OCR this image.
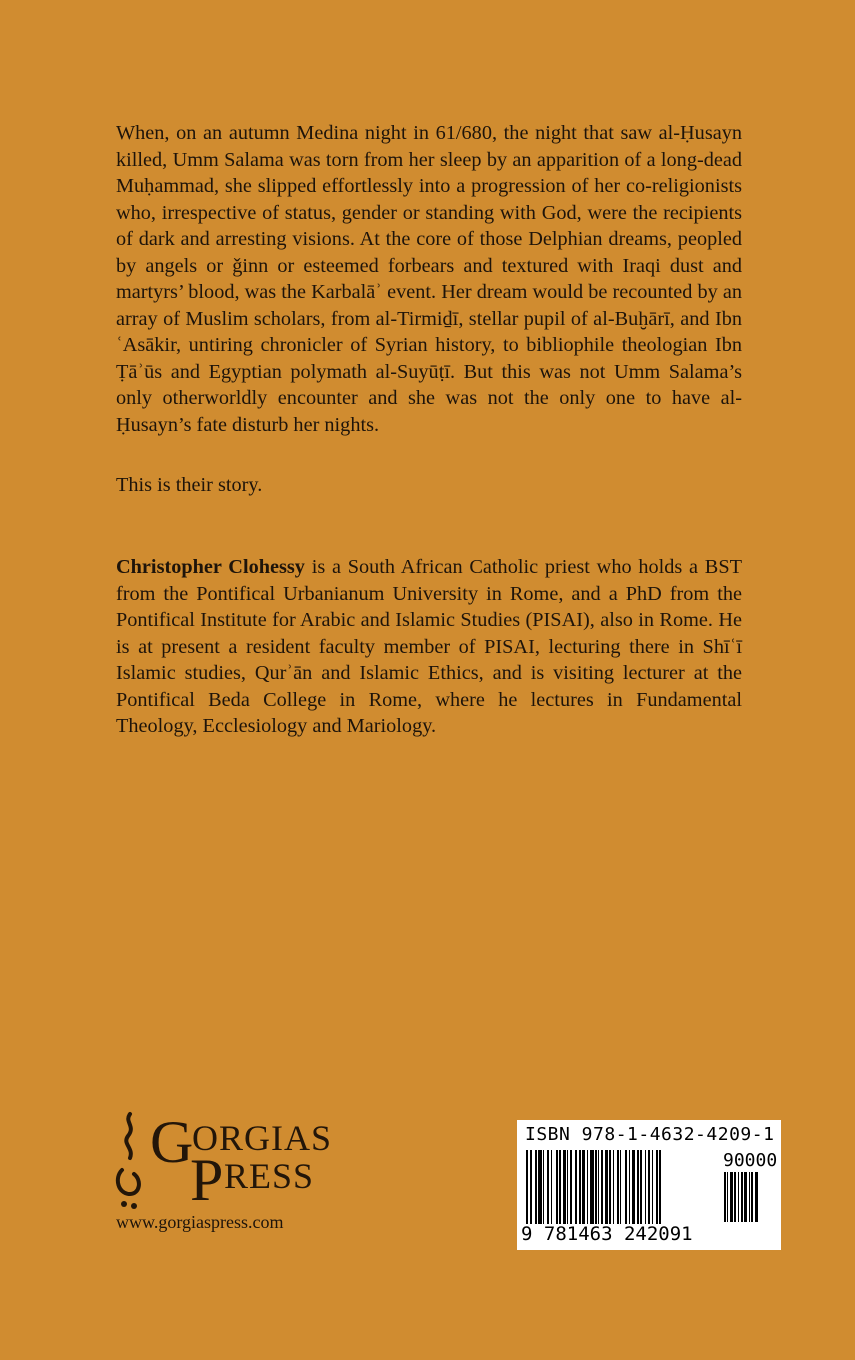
When, on an autumn Medina night in 61/680, the night that saw al-Ḥusayn killed, Umm Salama was torn from her sleep by an apparition of a long-dead Muḥammad, she slipped effortlessly into a progression of her co-religionists who, irrespective of status, gender or standing with God, were the recipients of dark and arresting visions. At the core of those Delphian dreams, peopled by angels or ǧinn or esteemed forbears and textured with Iraqi dust and martyrs’ blood, was the Karbalāʾ event. Her dream would be recounted by an array of Muslim scholars, from al-Tirmiḏī, stellar pupil of al-Buḫārī, and Ibn ʿAsākir, untiring chronicler of Syrian history, to bibliophile theologian Ibn Ṭāʾūs and Egyptian polymath al-Suyūṭī. But this was not Umm Salama’s only otherworldly encounter and she was not the only one to have al-Ḥusayn’s fate disturb her nights.

This is their story.
Christopher Clohessy is a South African Catholic priest who holds a BST from the Pontifical Urbanianum University in Rome, and a PhD from the Pontifical Institute for Arabic and Islamic Studies (PISAI), also in Rome. He is at present a resident faculty member of PISAI, lecturing there in Shīʿī Islamic studies, Qurʾān and Islamic Ethics, and is visiting lecturer at the Pontifical Beda College in Rome, where he lectures in Fundamental Theology, Ecclesiology and Mariology.
G
ORGIAS
P RESS
www.gorgiaspress.com
ISBN 978-1-4632-4209-1
90000
9 781463 242091
